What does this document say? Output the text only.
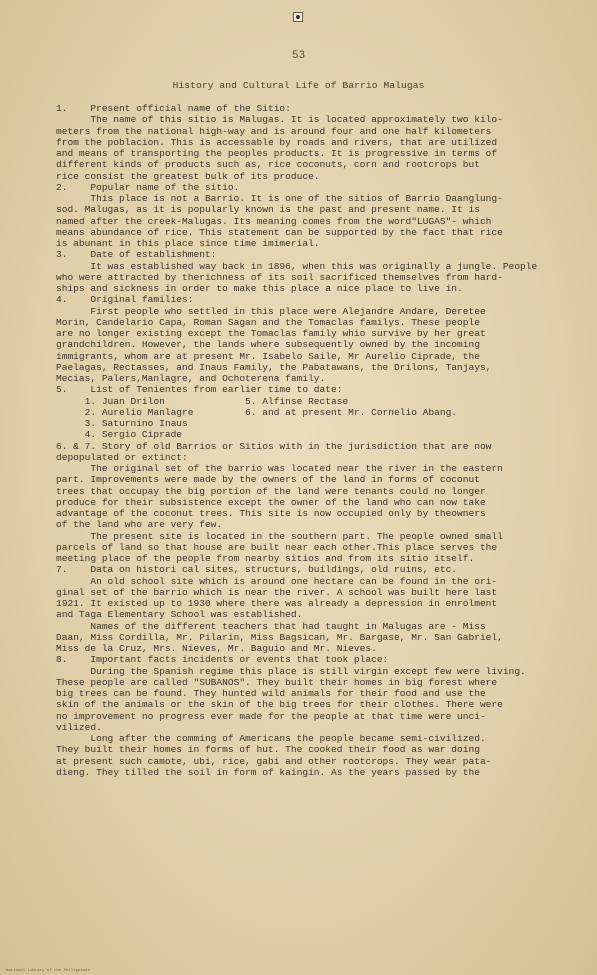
53
History and Cultural Life of Barrio Malugas
1.    Present official name of the Sitio:
The name of this sitio is Malugas. It is located approximately two kilo-
meters from the national high-way and is around four and one half kilometers
from the poblacion. This is accessable by roads and rivers, that are utilized
and means of transporting the peoples products. It is progressive in terms of
different kinds of products such as, rice coconuts, corn and rootcrops but
rice consist the greatest bulk of its produce.
2.    Popular name of the sitio.
This place is not a Barrio. It is one of the sitios of Barrio Daanglung-
sod. Malugas, as it is popularly known is the past and present name. It is
named after the creek-Malugas. Its meaning comes from the word"LUGAS"- which
means abundance of rice. This statement can be supported by the fact that rice
is abunant in this place since time imimerial.
3.    Date of establishment:
It was established way back in 1896, when this was originally a jungle. People
who were attracted by therichness of its soil sacrificed themselves from hard-
ships and sickness in order to make this place a nice place to live in.
4.    Original families:
First people who settled in this place were Alejandre Andare, Deretee
Morin, Candelario Capa, Roman Sagan and the Tomaclas familys. These people
are no longer existing except the Tomaclas family whio survive by her great
grandchildren. However, the lands where subsequently owned by the incoming
immigrants, whom are at present Mr. Isabelo Saile, Mr Aurelio Ciprade, the
Paelagas, Rectasses, and Inaus Family, the Pabatawans, the Drilons, Tanjays,
Mecias, Palers,Manlagre, and Ochoterena family.
5.    List of Tenientes from earlier time to date:
1. Juan Drilon              5. Alfinse Rectase
2. Aurelio Manlagre         6. and at present Mr. Cornelio Abang.
3. Saturnino Inaus
4. Sergio Ciprade
6. & 7. Story of old Barrios or Sitios with in the jurisdiction that are now
depopulated or extinct:
The original set of the barrio was located near the river in the eastern
part. Improvements were made by the owners of the land in forms of coconut
trees that occupay the big portion of the land were tenants could no longer
produce for their subsistence except the owner of the land who can now take
advantage of the coconut trees. This site is now occupied only by theowners
of the land who are very few.
The present site is located in the southern part. The people owned small
parcels of land so that house are built near each other.This place serves the
meeting place of the people from nearby sitios and from its sitio itself.
7.    Data on histori cal sites, structurs, buildings, old ruins, etc.
An old school site which is around one hectare can be found in the ori-
ginal set of the barrio which is near the river. A school was built here last
1921. It existed up to 1930 where there was already a depression in enrolment
and Taga Elementary School was established.
Names of the different teachers that had taught in Malugas are - Miss
Daan, Miss Cordilla, Mr. Pilarin, Miss Bagsican, Mr. Bargase, Mr. San Gabriel,
Miss de la Cruz, Mrs. Nieves, Mr. Baguio and Mr. Nieves.
8.    Important facts incidents or events that took place:
During the Spanish regime this place is still virgin except few were living.
These people are called "SUBANOS". They built their homes in big forest where
big trees can be found. They hunted wild animals for their food and use the
skin of the animals or the skin of the big trees for their clothes. There were
no improvement no progress ever made for the people at that time were unci-
vilized.
Long after the comming of Americans the people became semi-civilized.
They built their homes in forms of hut. The cooked their food as war doing
at present such camote, ubi, rice, gabi and other rootcrops. They wear pata-
dieng. They tilled the soil in form of kaingin. As the years passed by the
National Library of the Philippines
